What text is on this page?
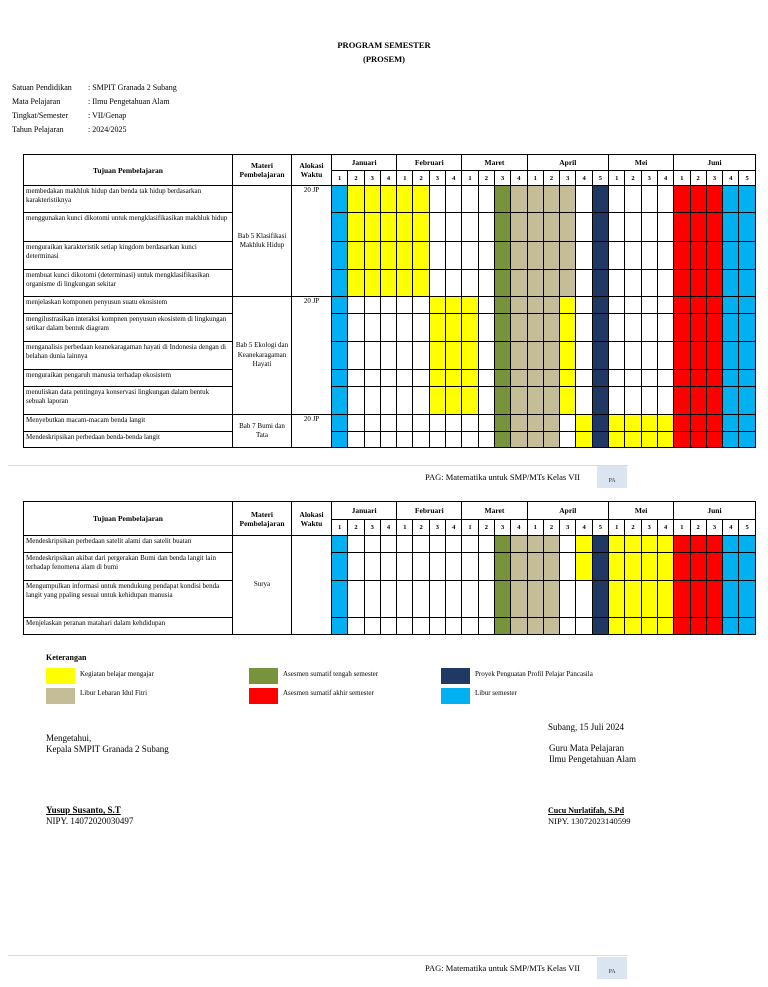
PROGRAM SEMESTER
(PROSEM)
Satuan Pendidikan : SMPIT Granada 2 Subang
Mata Pelajaran	: Ilmu Pengetahuan Alam
Tingkat/Semester : VII/Genap
Tahun Pelajaran	: 2024/2025
Tujuan Pembelajaran	Materi Pembelajaran	Alokasi Waktu	Januari				Februari				Maret				April					Mei				Juni				
			1	2	3	4	1	2	3	4	1	2	3	4	1	2	3	4	5	1	2	3	4	1	2	3	4	5
membedakan makhluk hidup dan benda tak hidup berdasarkan karakteristiknya	Bab 5 Klasifikasi Makhluk Hidup	20 JP																										
menggunakan kunci dikotomi untuk mengklasifikasikan makhluk hidup																												
menguraikan karakteristik setiap kingdom berdasarkan kunci determinasi																												
membuat kunci dikotomi (determinasi) untuk mengklasifikasikan organisme di lingkungan sekitar																												
menjelaskan komponen penyusun suatu ekosistem	Bab 5 Ekologi dan Keanekaragaman Hayati	20 JP																										
mengilustrasikan interaksi kompnen penyusun ekosistem di lingkungan setikar dalam bentuk diagram																												
menganalisis perbedaan keanekaragaman hayati di Indonesia dengan di belahan dunia lainnya																												
menguraikan pengaruh manusia terhadap ekosistem																												
menuliskan data pentingnya konservasi lingkungan dalam bentuk sebuah laporan																												
Menyebutkan macam-macam benda langit	Bab 7 Bumi dan Tata	20 JP																										
Mendeskripsikan perbedaan benda-benda langit																												
PAG: Matematika untuk SMP/MTs Kelas VII	PA
Tujuan Pembelajaran	Materi Pembelajaran	Alokasi Waktu	Januari				Februari				Maret				April					Mei				Juni				
			1	2	3	4	1	2	3	4	1	2	3	4	1	2	3	4	5	1	2	3	4	1	2	3	4	5
Mendeskripsikan perbedaan satelit alami dan satelit buatan	Surya																											
Mendeskripsikan akibat dari pergerakan Bumi dan benda langit lain terhadap fenomena alam di bumi																												
Mengumpulkan informasi untuk mendukung pendapat kondisi benda langit yang ppaling sesuai untuk kehidupan manusia																												
Menjelaskan peranan matahari dalam kehdidupan																												
Keterangan
Kegiatan belajar mengajar
Libur Lebaran Idul Fitri
Asesmen sumatif tengah semester
Asesmen sumatif akhir semester
Proyek Penguatan Profil Pelajar Pancasila
Libur semester
Mengetahui,
Kepala SMPIT Granada 2 Subang
Yusup Susanto, S.T
NIPY. 14072020030497
Subang, 15 Juli 2024
Guru Mata Pelajaran
Ilmu Pengetahuan Alam
Cucu Nurlatifah, S.Pd
NIPY. 13072023140599
PAG: Matematika untuk SMP/MTs Kelas VII	PA
